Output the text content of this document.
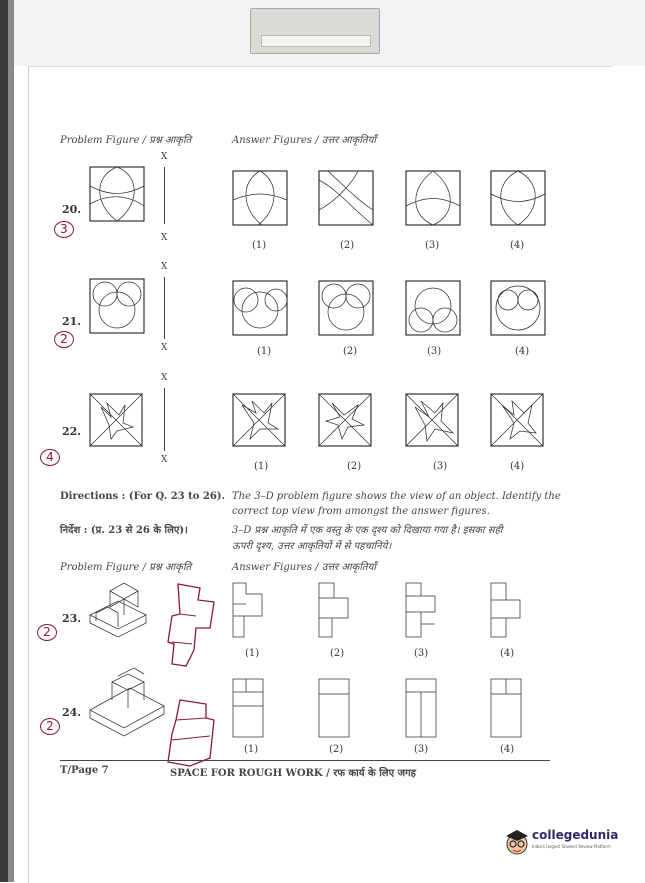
Problem Figure / प्रश्न आकृति	Answer Figures / उत्तर आकृतियाँ
X
X
20.
3
(1)	(2)	(3)	(4)
X
X
21.
2
(1)	(2)	(3)	(4)
X
X
22.
4
(1)	(2)	(3)	(4)
Directions : (For Q. 23 to 26). The 3–D problem figure shows the view of an object. Identify the
correct top view from amongst the answer figures.
निर्देश : (प्र. 23 से 26 के लिए)।	3–D प्रश्न आकृति में एक वस्तु के एक दृश्य को दिखाया गया है। इसका सही
ऊपरी दृश्य, उत्तर आकृतियों में से पहचानिये।
Problem Figure / प्रश्न आकृति	Answer Figures / उत्तर आकृतियाँ
23.
2
(1)	(2)	(3)	(4)
24.
2
(1)	(2)	(3)	(4)
T/Page 7	SPACE FOR ROUGH WORK / रफ कार्य के लिए जगह
collegedunia
India's largest Student Review Platform
